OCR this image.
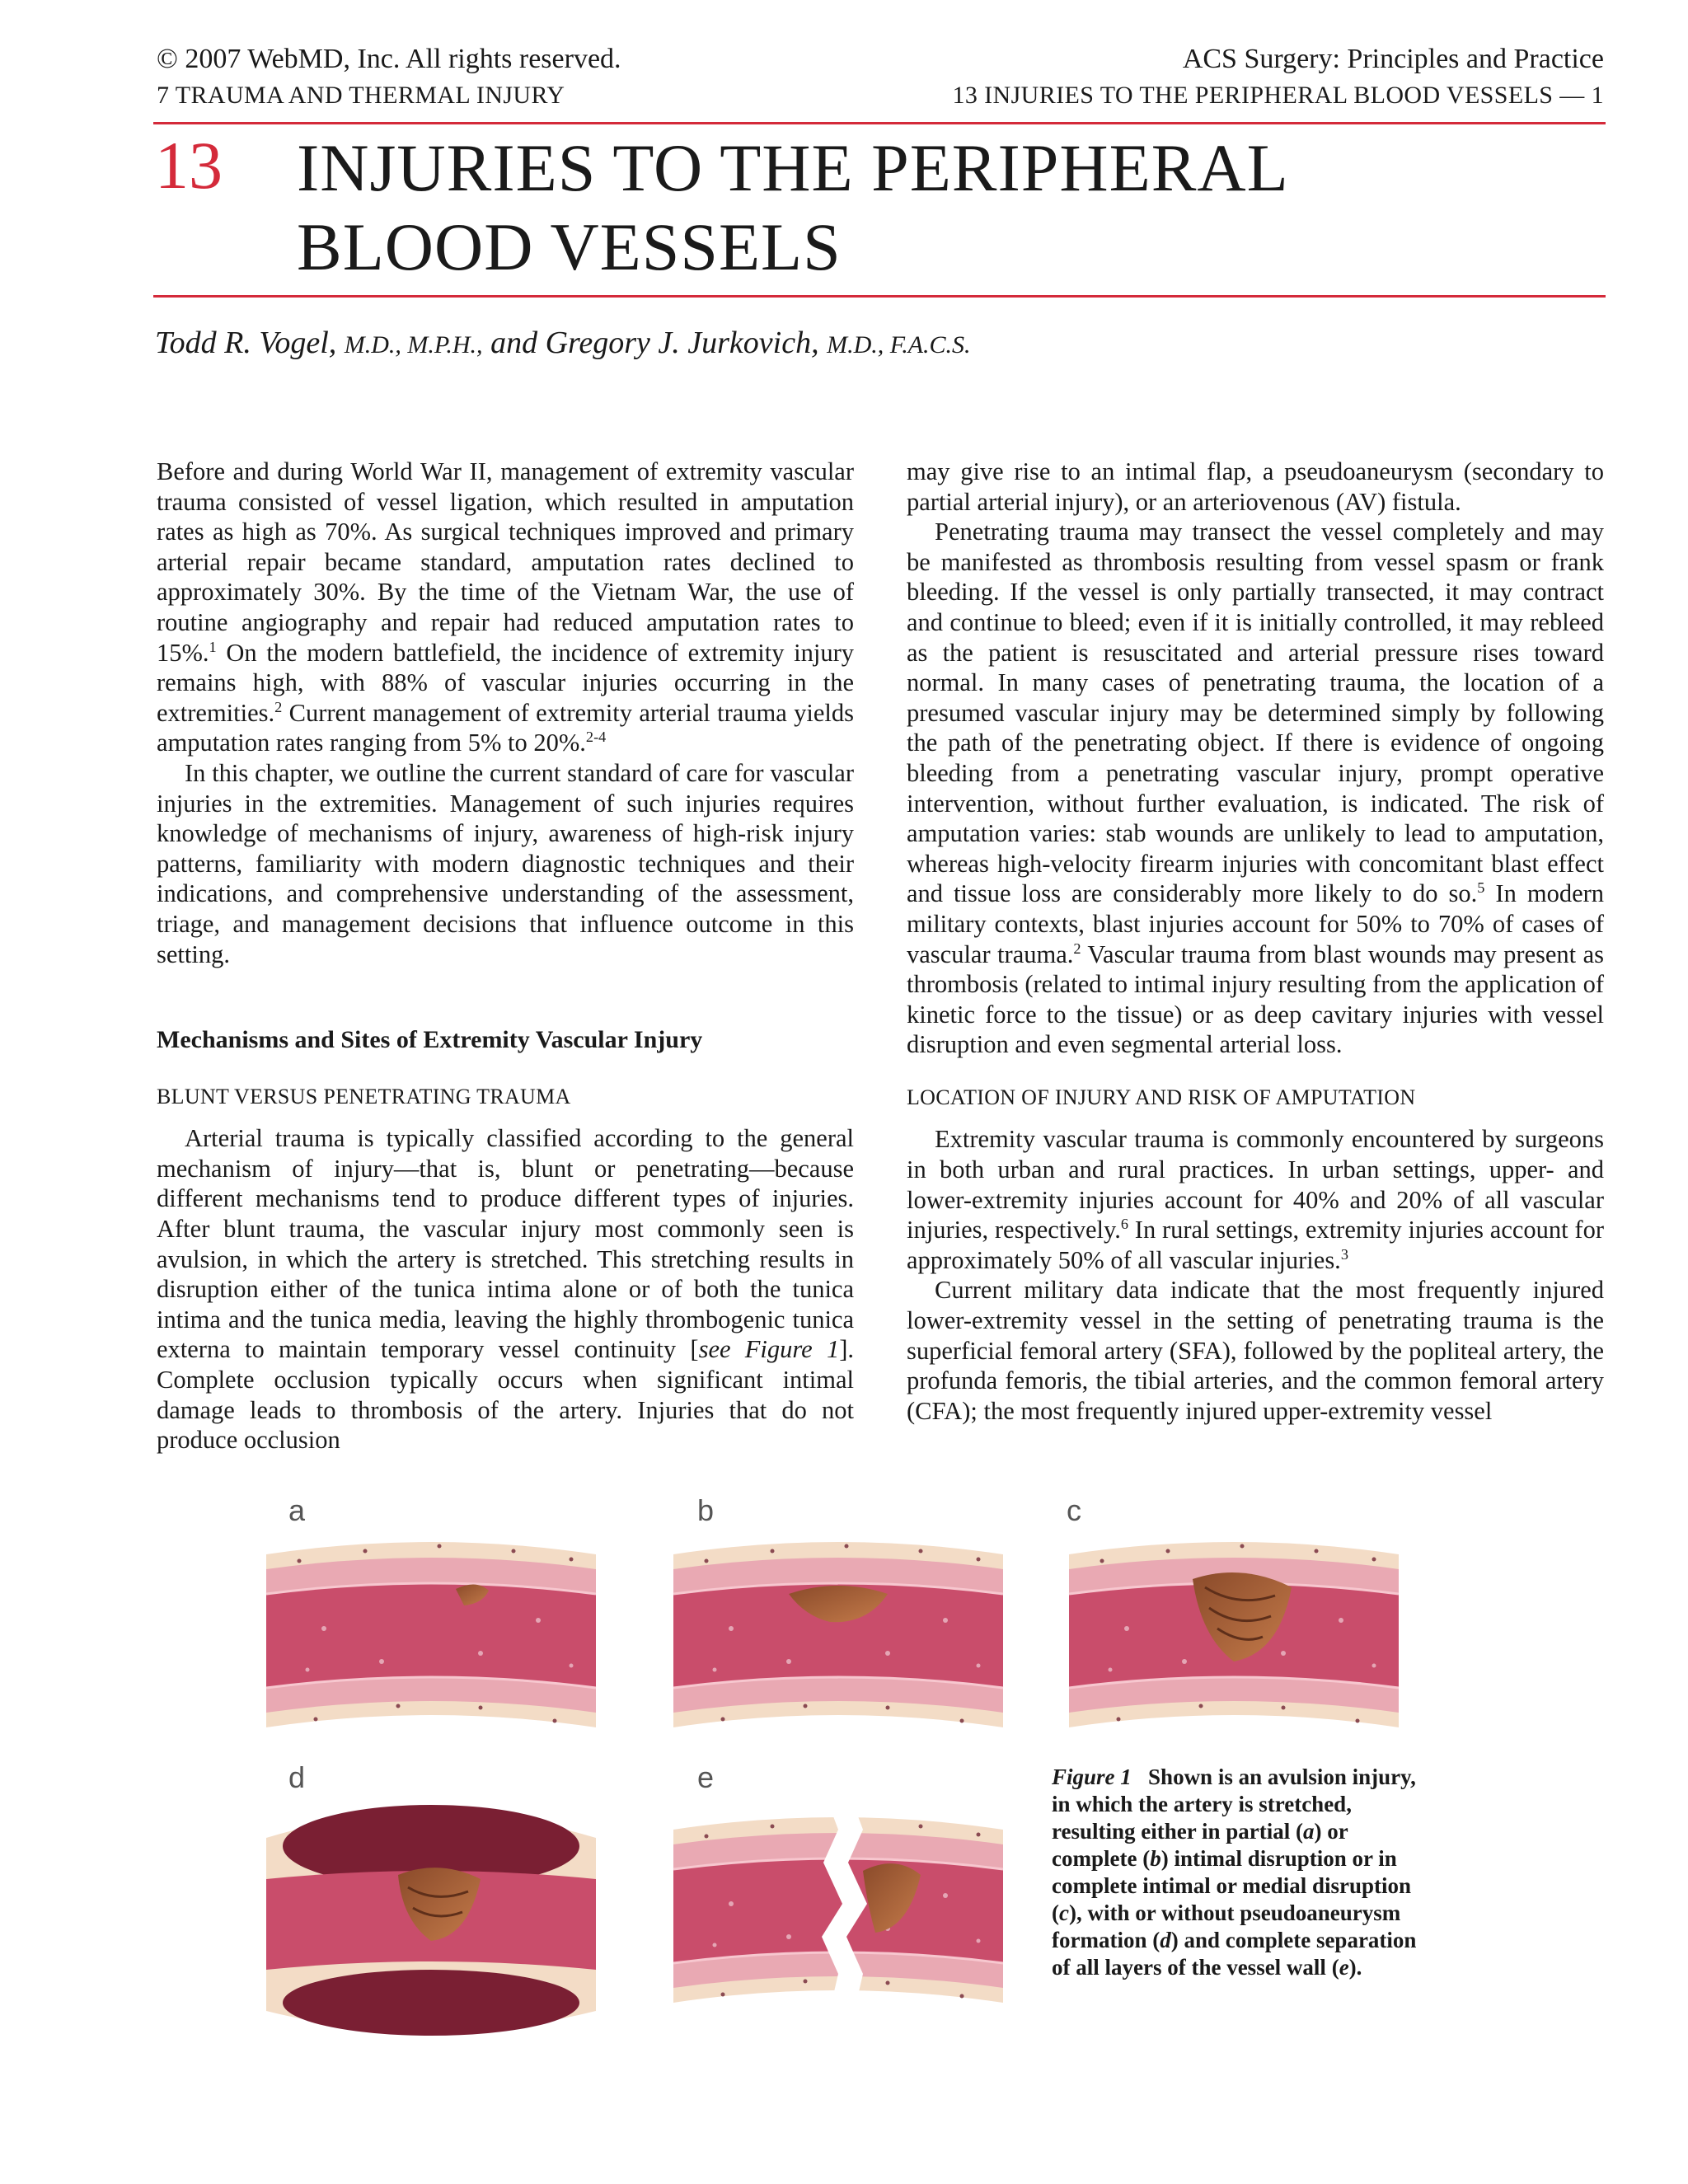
© 2007 WebMD, Inc. All rights reserved.
7 TRAUMA AND THERMAL INJURY
ACS Surgery: Principles and Practice
13 INJURIES TO THE PERIPHERAL BLOOD VESSELS — 1
13 INJURIES TO THE PERIPHERAL
BLOOD VESSELS
Todd R. Vogel, M.D., M.P.H., and Gregory J. Jurkovich, M.D., F.A.C.S.

Before and during World War II, management of extremity vascular trauma consisted of vessel ligation, which resulted in amputation rates as high as 70%. As surgical techniques improved and primary arterial repair became standard, amputation rates declined to approximately 30%. By the time of the Vietnam War, the use of routine angiography and repair had reduced amputation rates to 15%.$^1$ On the modern battlefield, the incidence of extremity injury remains high, with 88% of vascular injuries occurring in the extremities.$^2$ Current management of extremity arterial trauma yields amputation rates ranging from 5% to 20%.$^{2-4}$

In this chapter, we outline the current standard of care for vascular injuries in the extremities. Management of such injuries requires knowledge of mechanisms of injury, awareness of high-risk injury patterns, familiarity with modern diagnostic techniques and their indications, and comprehensive understanding of the assessment, triage, and management decisions that influence outcome in this setting.

Mechanisms and Sites of Extremity Vascular Injury
BLUNT VERSUS PENETRATING TRAUMA

Arterial trauma is typically classified according to the general mechanism of injury—that is, blunt or penetrating—because different mechanisms tend to produce different types of injuries. After blunt trauma, the vascular injury most commonly seen is avulsion, in which the artery is stretched. This stretching results in disruption either of the tunica intima alone or of both the tunica intima and the tunica media, leaving the highly thrombogenic tunica externa to maintain temporary vessel continuity [see Figure 1]. Complete occlusion typically occurs when significant intimal damage leads to thrombosis of the artery. Injuries that do not produce occlusion

may give rise to an intimal flap, a pseudoaneurysm (secondary to partial arterial injury), or an arteriovenous (AV) fistula.

Penetrating trauma may transect the vessel completely and may be manifested as thrombosis resulting from vessel spasm or frank bleeding. If the vessel is only partially transected, it may contract and continue to bleed; even if it is initially controlled, it may rebleed as the patient is resuscitated and arterial pressure rises toward normal. In many cases of penetrating trauma, the location of a presumed vascular injury may be determined simply by following the path of the penetrating object. If there is evidence of ongoing bleeding from a penetrating vascular injury, prompt operative intervention, without further evaluation, is indicated. The risk of amputation varies: stab wounds are unlikely to lead to amputation, whereas high-velocity firearm injuries with concomitant blast effect and tissue loss are considerably more likely to do so.$^5$ In modern military contexts, blast injuries account for 50% to 70% of cases of vascular trauma.$^2$ Vascular trauma from blast wounds may present as thrombosis (related to intimal injury resulting from the application of kinetic force to the tissue) or as deep cavitary injuries with vessel disruption and even segmental arterial loss.

LOCATION OF INJURY AND RISK OF AMPUTATION

Extremity vascular trauma is commonly encountered by surgeons in both urban and rural practices. In urban settings, upper- and lower-extremity injuries account for 40% and 20% of all vascular injuries, respectively.$^6$ In rural settings, extremity injuries account for approximately 50% of all vascular injuries.$^3$

Current military data indicate that the most frequently injured lower-extremity vessel in the setting of penetrating trauma is the superficial femoral artery (SFA), followed by the popliteal artery, the profunda femoris, the tibial arteries, and the common femoral artery (CFA); the most frequently injured upper-extremity vessel

a	b	c
d	e	Figure 1 Shown is an avulsion injury, in which the artery is stretched, resulting either in partial (a) or complete (b) intimal disruption or in complete intimal or medial disruption (c), with or without pseudoaneurysm formation (d) and complete separation of all layers of the vessel wall (e).
